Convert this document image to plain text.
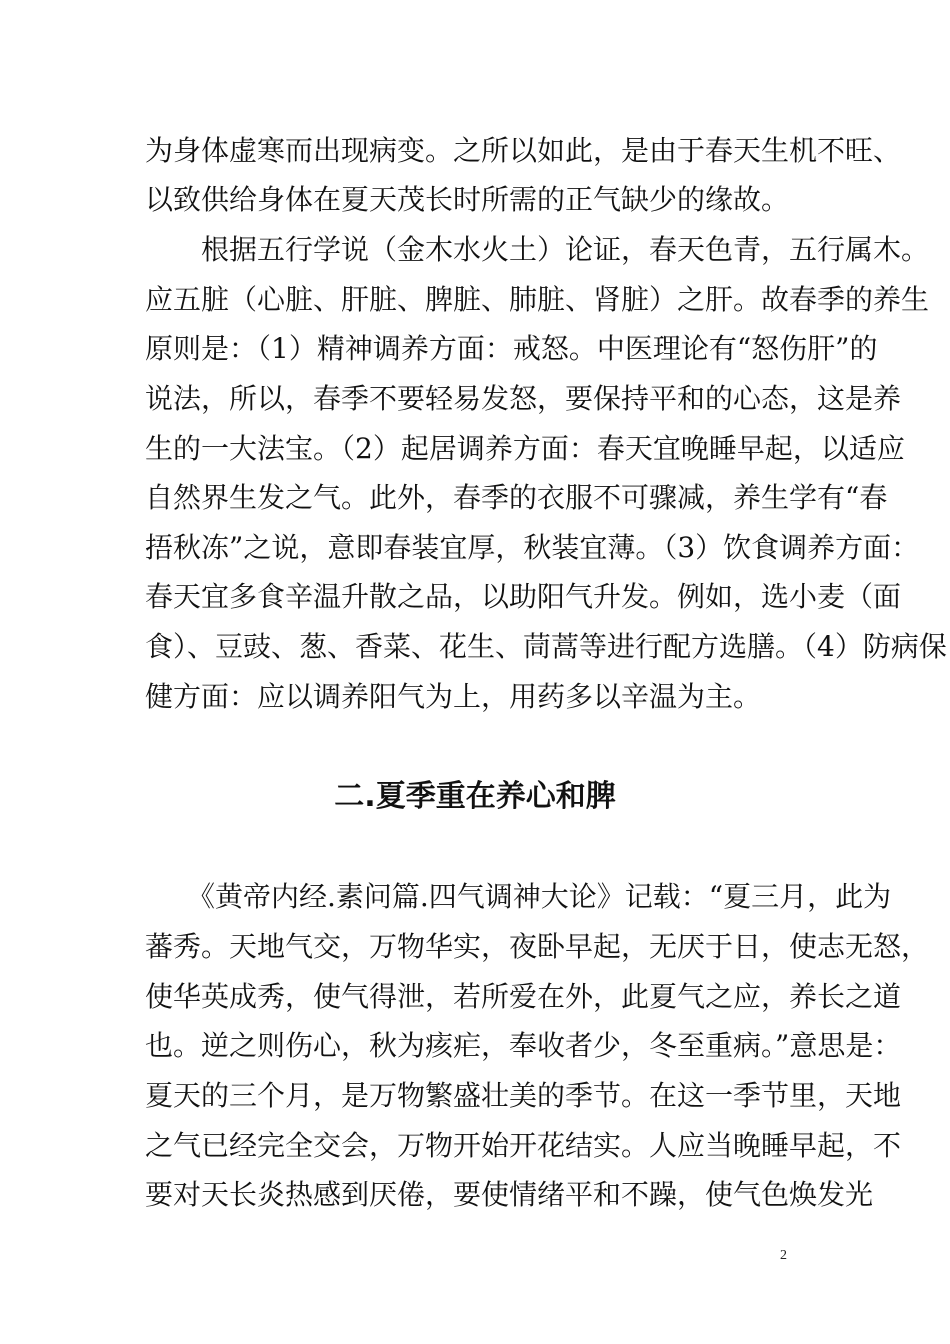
为身体虚寒而出现病变。之所以如此，是由于春天生机不旺、
以致供给身体在夏天茂长时所需的正气缺少的缘故。
　　根据五行学说（金木水火土）论证，春天色青，五行属木。
应五脏（心脏、肝脏、脾脏、肺脏、肾脏）之肝。故春季的养生
原则是：（1）精神调养方面：戒怒。中医理论有“怒伤肝”的
说法，所以，春季不要轻易发怒，要保持平和的心态，这是养
生的一大法宝。（2）起居调养方面：春天宜晚睡早起，以适应
自然界生发之气。此外，春季的衣服不可骤减，养生学有“春
捂秋冻”之说，意即春装宜厚，秋装宜薄。（3）饮食调养方面：
春天宜多食辛温升散之品，以助阳气升发。例如，选小麦（面
食）、豆豉、葱、香菜、花生、茼蒿等进行配方选膳。（4）防病保
健方面：应以调养阳气为上，用药多以辛温为主。
二.夏季重在养心和脾
　　《黄帝内经.素问篇.四气调神大论》记载：“夏三月，此为
蕃秀。天地气交，万物华实，夜卧早起，无厌于日，使志无怒，
使华英成秀，使气得泄，若所爱在外，此夏气之应，养长之道
也。逆之则伤心，秋为痎疟，奉收者少，冬至重病。”意思是：
夏天的三个月，是万物繁盛壮美的季节。在这一季节里，天地
之气已经完全交会，万物开始开花结实。人应当晚睡早起，不
要对天长炎热感到厌倦，要使情绪平和不躁，使气色焕发光
2
